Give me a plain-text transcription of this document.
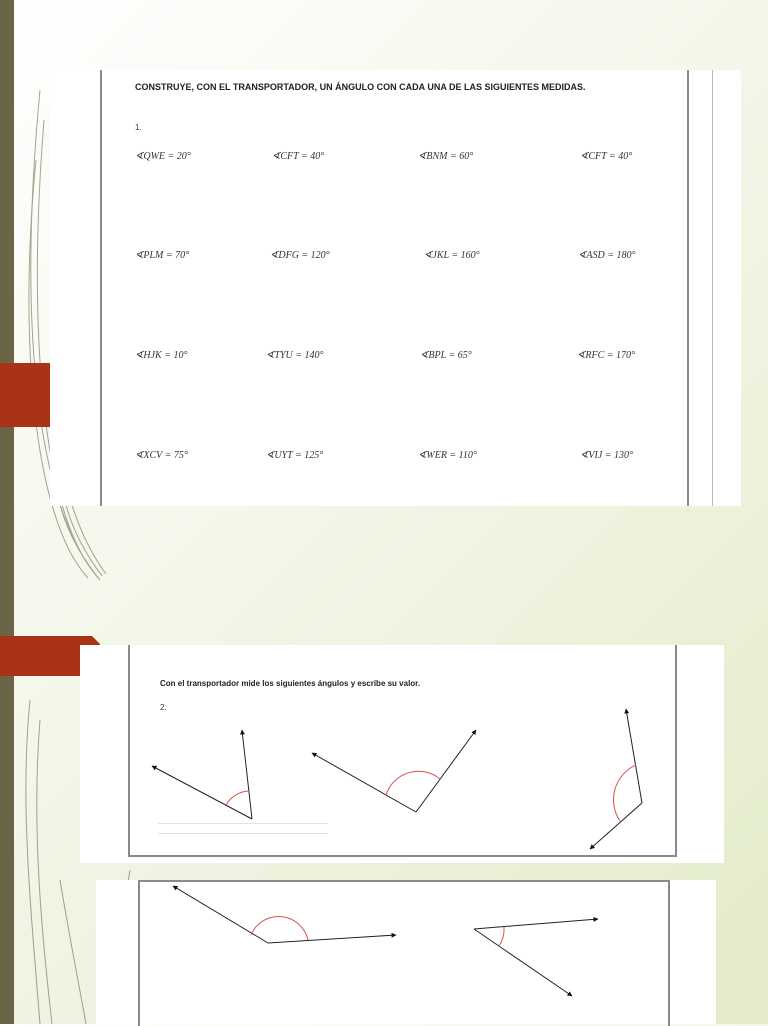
CONSTRUYE, CON EL TRANSPORTADOR, UN ÁNGULO CON CADA UNA DE LAS SIGUIENTES MEDIDAS.
1.
∢QWE = 20°	∢CFT = 40°	∢BNM = 60°	∢CFT = 40°
∢PLM = 70°	∢DFG = 120°	∢JKL = 160°	∢ASD = 180°
∢HJK = 10°	∢TYU = 140°	∢BPL = 65°	∢RFC = 170°
∢XCV = 75°	∢UYT = 125°	∢WER = 110°	∢VIJ = 130°
Con el transportador mide los siguientes ángulos y escribe su valor.
2.
